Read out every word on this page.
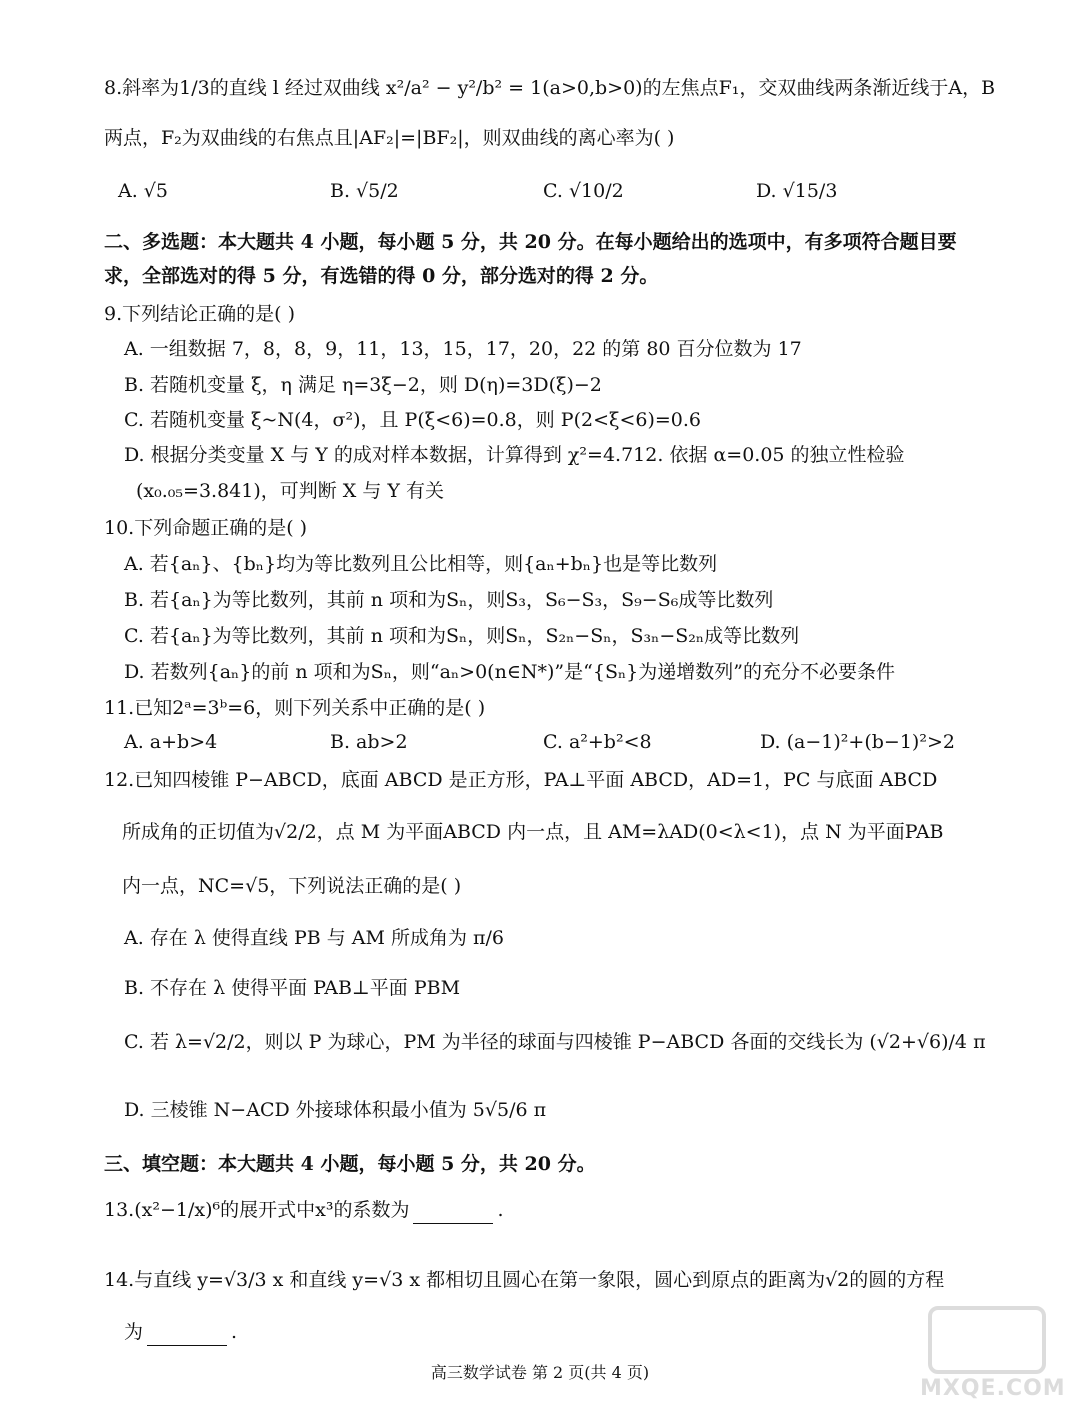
8.斜率为1/3的直线 l 经过双曲线 x²/a² − y²/b² = 1(a>0,b>0)的左焦点F₁，交双曲线两条渐近线于A，B
两点，F₂为双曲线的右焦点且|AF₂|=|BF₂|，则双曲线的离心率为( )
A. √5	B. √5/2	C. √10/2	D. √15/3
二、多选题：本大题共 4 小题，每小题 5 分，共 20 分。在每小题给出的选项中，有多项符合题目要
求，全部选对的得 5 分，有选错的得 0 分，部分选对的得 2 分。
9.下列结论正确的是( )
A. 一组数据 7，8，8，9，11，13，15，17，20，22 的第 80 百分位数为 17
B. 若随机变量 ξ，η 满足 η=3ξ−2，则 D(η)=3D(ξ)−2
C. 若随机变量 ξ~N(4，σ²)，且 P(ξ<6)=0.8，则 P(2<ξ<6)=0.6
D. 根据分类变量 X 与 Y 的成对样本数据，计算得到 χ²=4.712. 依据 α=0.05 的独立性检验
(x₀.₀₅=3.841)，可判断 X 与 Y 有关
10.下列命题正确的是( )
A. 若{aₙ}、{bₙ}均为等比数列且公比相等，则{aₙ+bₙ}也是等比数列
B. 若{aₙ}为等比数列，其前 n 项和为Sₙ，则S₃，S₆−S₃，S₉−S₆成等比数列
C. 若{aₙ}为等比数列，其前 n 项和为Sₙ，则Sₙ，S₂ₙ−Sₙ，S₃ₙ−S₂ₙ成等比数列
D. 若数列{aₙ}的前 n 项和为Sₙ，则“aₙ>0(n∈N*)”是“{Sₙ}为递增数列”的充分不必要条件
11.已知2ᵃ=3ᵇ=6，则下列关系中正确的是( )
A. a+b>4	B. ab>2	C. a²+b²<8	D. (a−1)²+(b−1)²>2
12.已知四棱锥 P−ABCD，底面 ABCD 是正方形，PA⊥平面 ABCD，AD=1，PC 与底面 ABCD
所成角的正切值为√2/2，点 M 为平面ABCD 内一点，且 AM=λAD(0<λ<1)，点 N 为平面PAB
内一点，NC=√5，下列说法正确的是( )
A. 存在 λ 使得直线 PB 与 AM 所成角为 π/6
B. 不存在 λ 使得平面 PAB⊥平面 PBM
C. 若 λ=√2/2，则以 P 为球心，PM 为半径的球面与四棱锥 P−ABCD 各面的交线长为 (√2+√6)/4 π
D. 三棱锥 N−ACD 外接球体积最小值为 5√5/6 π
三、填空题：本大题共 4 小题，每小题 5 分，共 20 分。
13.(x²−1/x)⁶的展开式中x³的系数为	.
14.与直线 y=√3/3 x 和直线 y=√3 x 都相切且圆心在第一象限，圆心到原点的距离为√2的圆的方程
为	.
高三数学试卷 第 2 页(共 4 页)
MXQE.COM
